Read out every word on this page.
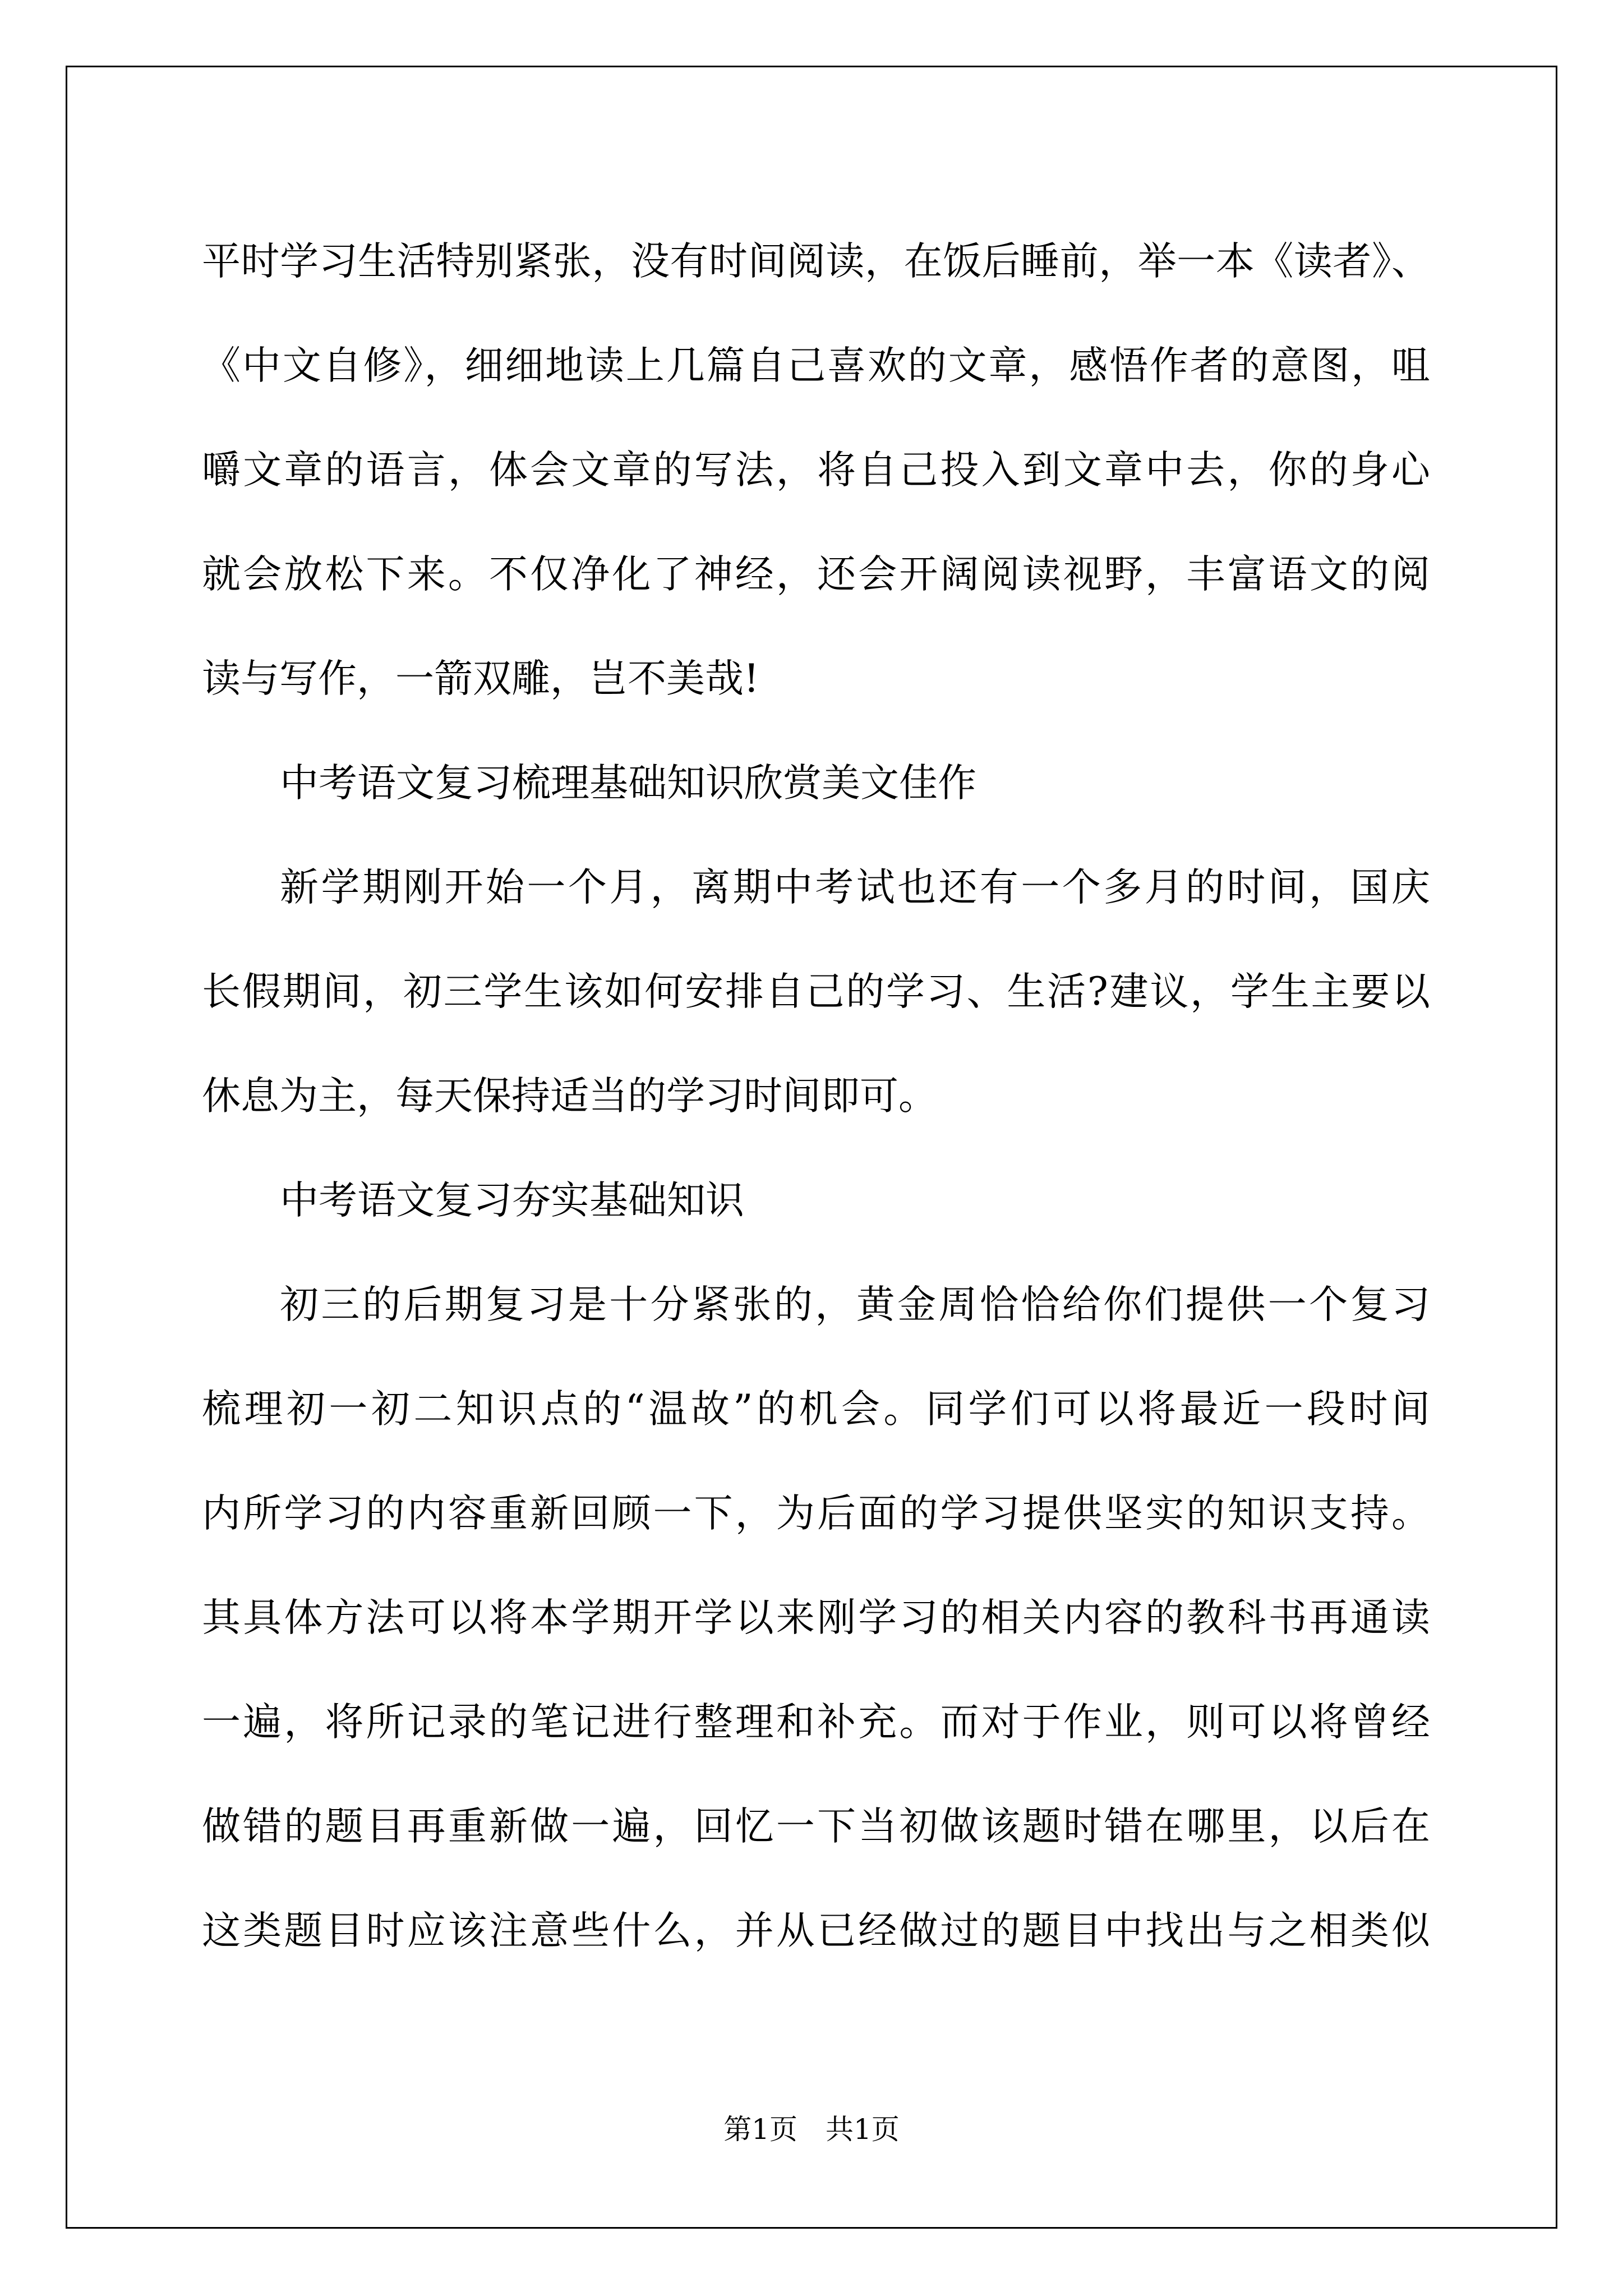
平时学习生活特别紧张，没有时间阅读，在饭后睡前，举一本《读者》、
《中文自修》，细细地读上几篇自己喜欢的文章，感悟作者的意图，咀
嚼文章的语言，体会文章的写法，将自己投入到文章中去，你的身心
就会放松下来。不仅净化了神经，还会开阔阅读视野，丰富语文的阅
读与写作，一箭双雕，岂不美哉!
中考语文复习梳理基础知识欣赏美文佳作
新学期刚开始一个月，离期中考试也还有一个多月的时间，国庆
长假期间，初三学生该如何安排自己的学习、生活?建议，学生主要以
休息为主，每天保持适当的学习时间即可。
中考语文复习夯实基础知识
初三的后期复习是十分紧张的，黄金周恰恰给你们提供一个复习
梳理初一初二知识点的“温故”的机会。同学们可以将最近一段时间
内所学习的内容重新回顾一下，为后面的学习提供坚实的知识支持。
其具体方法可以将本学期开学以来刚学习的相关内容的教科书再通读
一遍，将所记录的笔记进行整理和补充。而对于作业，则可以将曾经
做错的题目再重新做一遍，回忆一下当初做该题时错在哪里，以后在
这类题目时应该注意些什么，并从已经做过的题目中找出与之相类似
第1页 共1页
